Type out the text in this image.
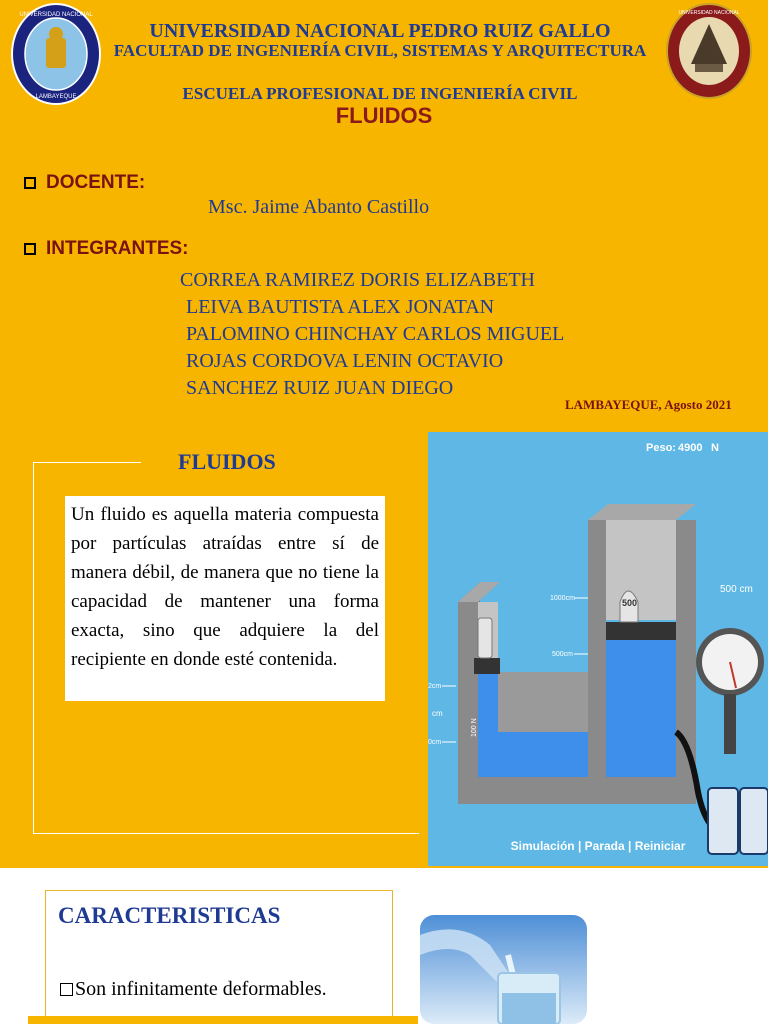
UNIVERSIDAD NACIONAL
LAMBAYEQUE
UNIVERSIDAD NACIONAL
UNIVERSIDAD NACIONAL PEDRO RUIZ GALLO
FACULTAD DE INGENIERÍA CIVIL, SISTEMAS Y ARQUITECTURA
ESCUELA PROFESIONAL DE INGENIERÍA CIVIL
FLUIDOS
DOCENTE:
Msc. Jaime Abanto Castillo
INTEGRANTES:
CORREA RAMIREZ DORIS ELIZABETH
LEIVA BAUTISTA ALEX JONATAN
PALOMINO CHINCHAY CARLOS MIGUEL
ROJAS CORDOVA LENIN OCTAVIO
SANCHEZ RUIZ JUAN DIEGO
LAMBAYEQUE, Agosto 2021
FLUIDOS
Un fluido es aquella materia compuesta por partículas atraídas entre sí de manera débil, de manera que no tiene la capacidad de mantener una forma exacta, sino que adquiere la del recipiente en donde esté contenida.
Peso: 4900 N
500
1000cm
500cm
2cm
cm
0cm
100 N
500 cm
Simulación | Parada | Reiniciar
CARACTERISTICAS
Son infinitamente deformables.
